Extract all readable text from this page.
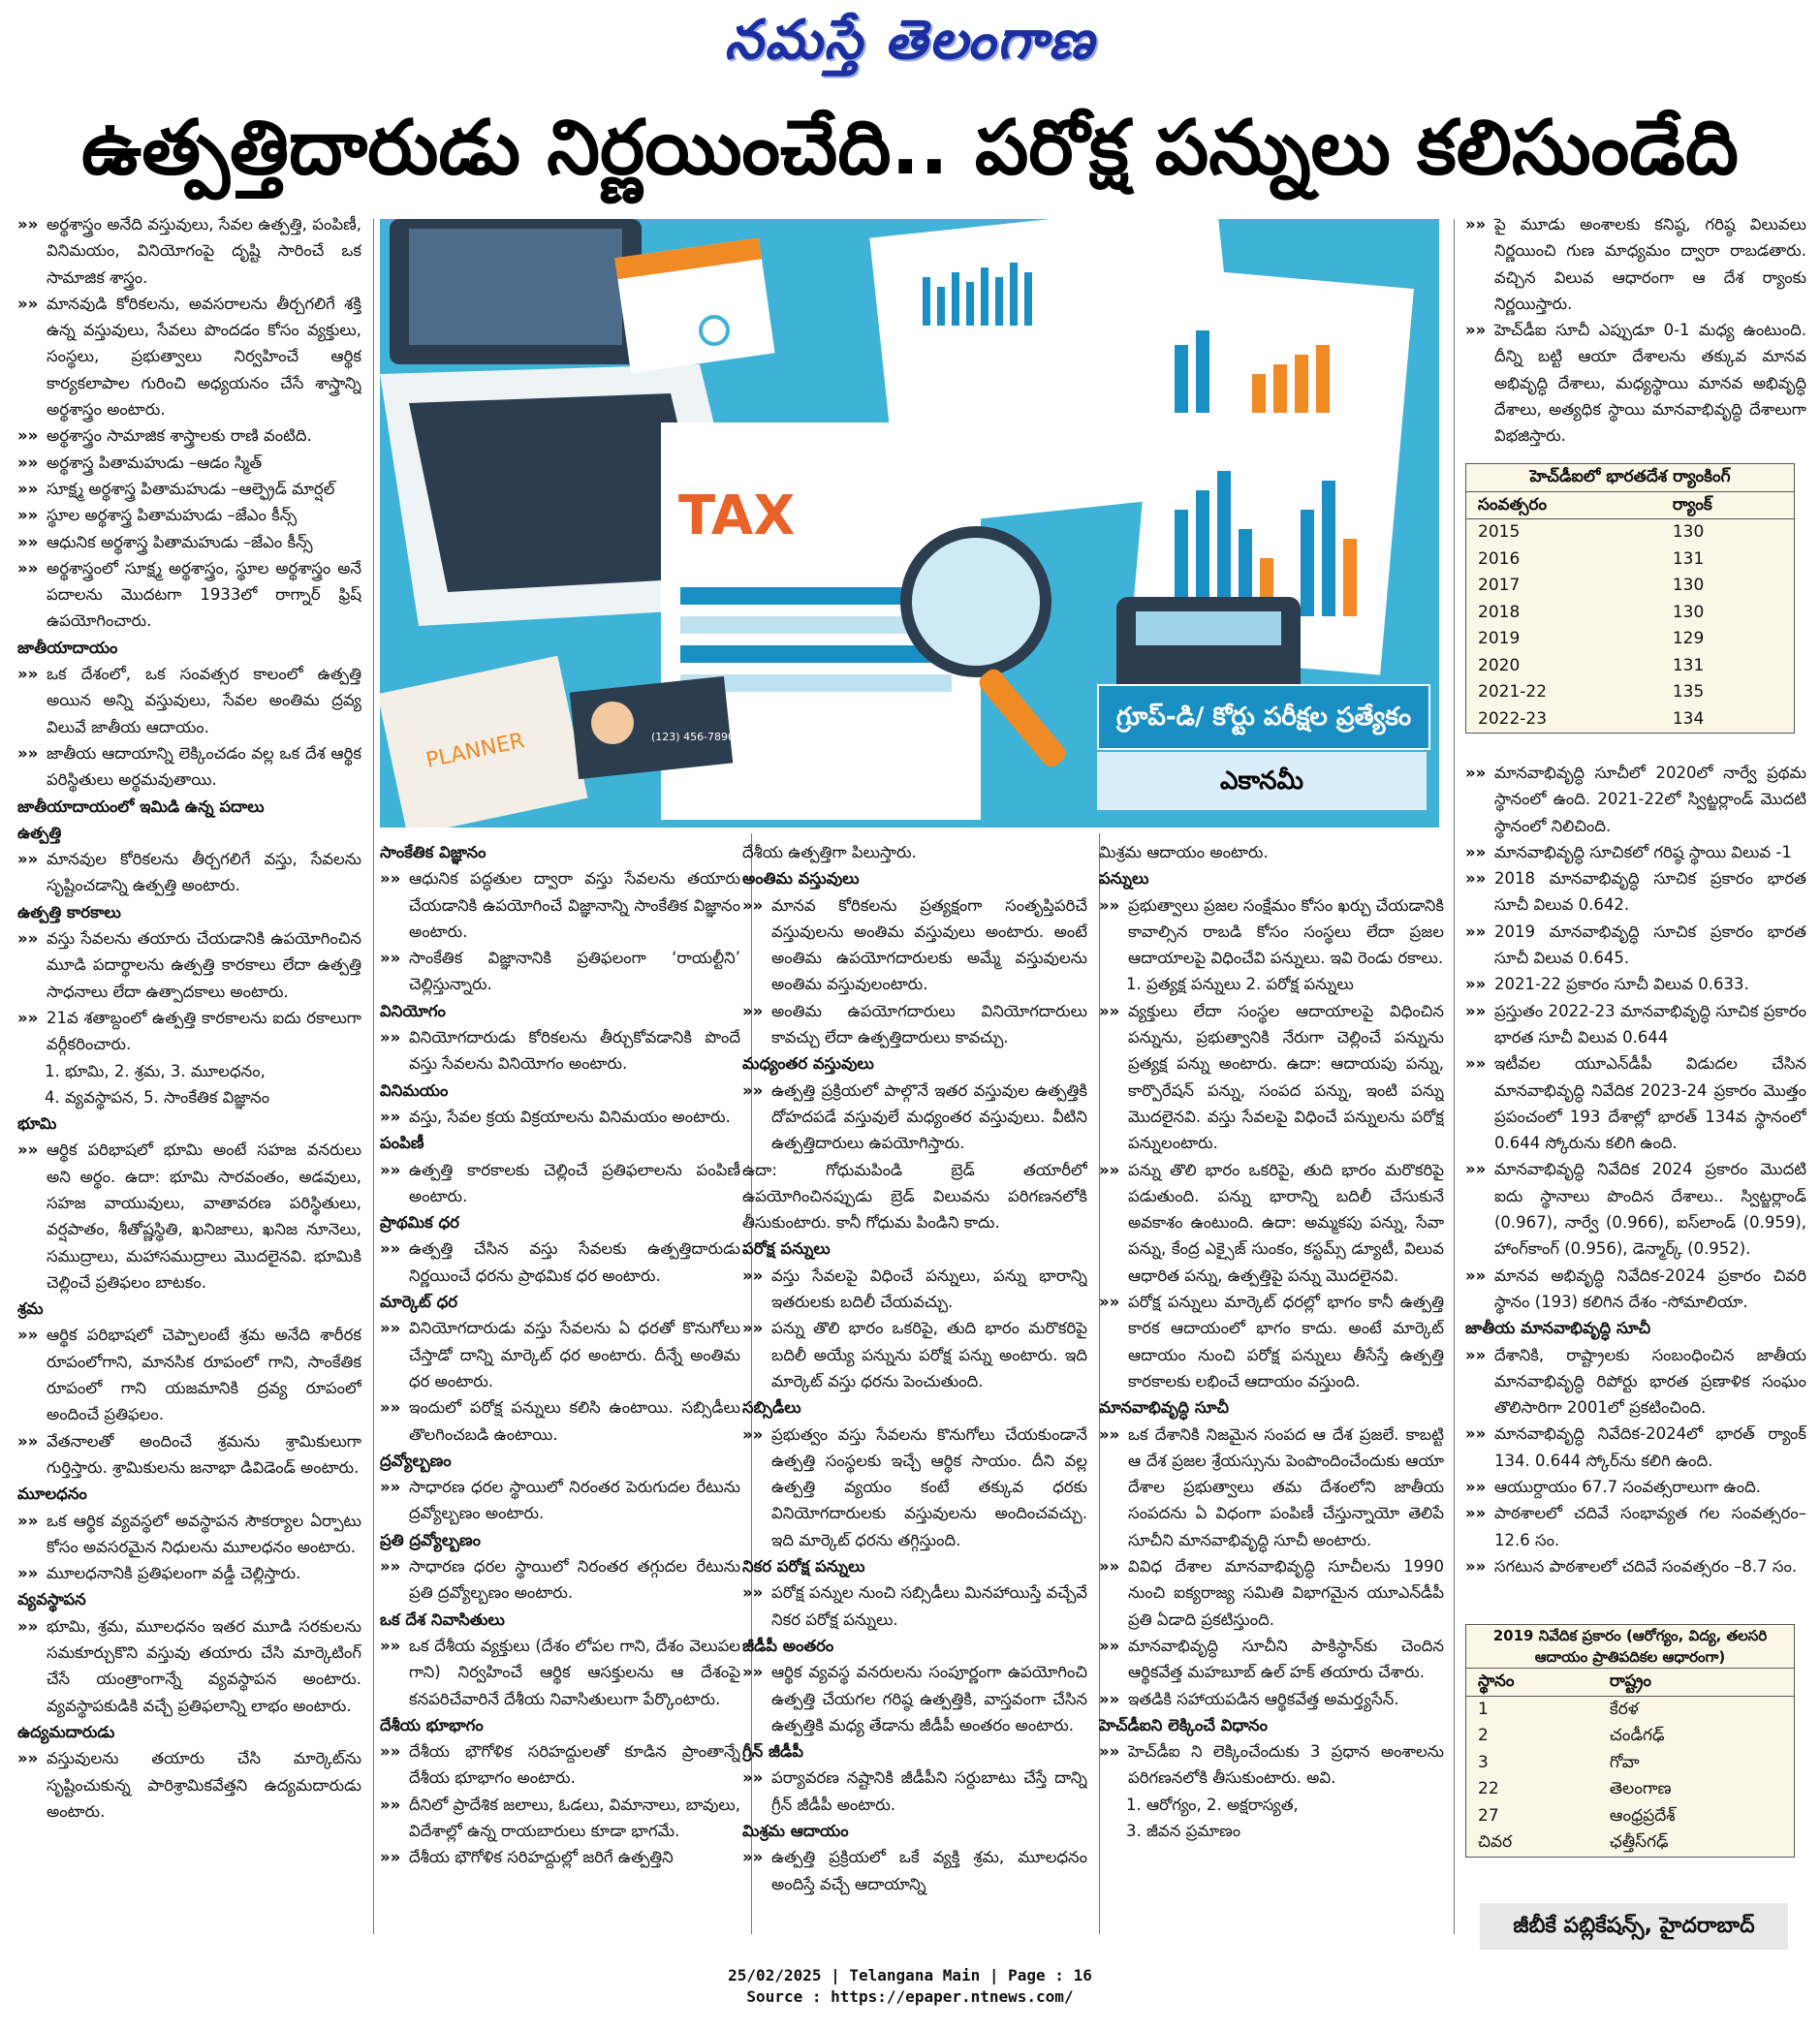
నమస్తే తెలంగాణ
ఉత్పత్తిదారుడు నిర్ణయించేది.. పరోక్ష పన్నులు కలిసుండేది
TAX
PLANNER	(123) 456-7890
గ్రూప్-డి/ కోర్టు పరీక్షల ప్రత్యేకం
ఎకానమీ

»» అర్థశాస్త్రం అనేది వస్తువులు, సేవల ఉత్పత్తి, పంపిణీ, వినిమయం, వినియోగంపై దృష్టి సారించే ఒక సామాజిక శాస్త్రం.

»» మానవుడి కోరికలను, అవసరాలను తీర్చగలిగే శక్తి ఉన్న వస్తువులు, సేవలు పొందడం కోసం వ్యక్తులు, సంస్థలు, ప్రభుత్వాలు నిర్వహించే ఆర్థిక కార్యకలాపాల గురించి అధ్యయనం చేసే శాస్త్రాన్ని అర్థశాస్త్రం అంటారు.

»» అర్థశాస్త్రం సామాజిక శాస్త్రాలకు రాణి వంటిది.

»» అర్థశాస్త్ర పితామహుడు –ఆడం స్మిత్

»» సూక్ష్మ అర్థశాస్త్ర పితామహుడు –ఆల్ఫ్రెడ్ మార్షల్

»» స్థూల అర్థశాస్త్ర పితామహుడు –జేఎం కీన్స్

»» ఆధునిక అర్థశాస్త్ర పితామహుడు –జేఎం కీన్స్

»» అర్థశాస్త్రంలో సూక్ష్మ అర్థశాస్త్రం, స్థూల అర్థశాస్త్రం అనే పదాలను మొదటగా 1933లో రాగ్నార్ ఫ్రిష్ ఉపయోగించారు.

జాతీయాదాయం

»» ఒక దేశంలో, ఒక సంవత్సర కాలంలో ఉత్పత్తి అయిన అన్ని వస్తువులు, సేవల అంతిమ ద్రవ్య విలువే జాతీయ ఆదాయం.

»» జాతీయ ఆదాయాన్ని లెక్కించడం వల్ల ఒక దేశ ఆర్థిక పరిస్థితులు అర్థమవుతాయి.

జాతీయాదాయంలో ఇమిడి ఉన్న పదాలు

ఉత్పత్తి

»» మానవుల కోరికలను తీర్చగలిగే వస్తు, సేవలను సృష్టించడాన్ని ఉత్పత్తి అంటారు.

ఉత్పత్తి కారకాలు

»» వస్తు సేవలను తయారు చేయడానికి ఉపయోగించిన మూడి పదార్థాలను ఉత్పత్తి కారకాలు లేదా ఉత్పత్తి సాధనాలు లేదా ఉత్పాదకాలు అంటారు.

»» 21వ శతాబ్దంలో ఉత్పత్తి కారకాలను ఐదు రకాలుగా వర్గీకరించారు.

1. భూమి, 2. శ్రమ, 3. మూలధనం,

4. వ్యవస్థాపన, 5. సాంకేతిక విజ్ఞానం

భూమి

»» ఆర్థిక పరిభాషలో భూమి అంటే సహజ వనరులు అని అర్థం. ఉదా: భూమి సారవంతం, అడవులు, సహజ వాయువులు, వాతావరణ పరిస్థితులు, వర్షపాతం, శీతోష్ణస్థితి, ఖనిజాలు, ఖనిజ నూనెలు, సముద్రాలు, మహాసముద్రాలు మొదలైనవి. భూమికి చెల్లించే ప్రతిఫలం బాటకం.

శ్రమ

»» ఆర్థిక పరిభాషలో చెప్పాలంటే శ్రమ అనేది శారీరక రూపంలోగాని, మానసిక రూపంలో గాని, సాంకేతిక రూపంలో గాని యజమానికి ద్రవ్య రూపంలో అందించే ప్రతిఫలం.

»» వేతనాలతో అందించే శ్రమను శ్రామికులుగా గుర్తిస్తారు. శ్రామికులను జనాభా డివిడెండ్ అంటారు.

మూలధనం

»» ఒక ఆర్థిక వ్యవస్థలో అవస్థాపన సౌకర్యాల ఏర్పాటు కోసం అవసరమైన నిధులను మూలధనం అంటారు.

»» మూలధనానికి ప్రతిఫలంగా వడ్డీ చెల్లిస్తారు.

వ్యవస్థాపన

»» భూమి, శ్రమ, మూలధనం ఇతర మూడి సరకులను సమకూర్చుకొని వస్తువు తయారు చేసి మార్కెటింగ్ చేసే యంత్రాంగాన్నే వ్యవస్థాపన అంటారు. వ్యవస్థాపకుడికి వచ్చే ప్రతిఫలాన్ని లాభం అంటారు.

ఉద్యమదారుడు

»» వస్తువులను తయారు చేసి మార్కెట్‌ను సృష్టించుకున్న పారిశ్రామికవేత్తని ఉద్యమదారుడు అంటారు.

సాంకేతిక విజ్ఞానం

»» ఆధునిక పద్ధతుల ద్వారా వస్తు సేవలను తయారు చేయడానికి ఉపయోగించే విజ్ఞానాన్ని సాంకేతిక విజ్ఞానం అంటారు.

»» సాంకేతిక విజ్ఞానానికి ప్రతిఫలంగా ‘రాయల్టీని’ చెల్లిస్తున్నారు.

వినియోగం

»» వినియోగదారుడు కోరికలను తీర్చుకోవడానికి పొందే వస్తు సేవలను వినియోగం అంటారు.

వినిమయం

»» వస్తు, సేవల క్రయ విక్రయాలను వినిమయం అంటారు.

పంపిణీ

»» ఉత్పత్తి కారకాలకు చెల్లించే ప్రతిఫలాలను పంపిణీ అంటారు.

ప్రాథమిక ధర

»» ఉత్పత్తి చేసిన వస్తు సేవలకు ఉత్పత్తిదారుడు నిర్ణయించే ధరను ప్రాథమిక ధర అంటారు.

మార్కెట్ ధర

»» వినియోగదారుడు వస్తు సేవలను ఏ ధరతో కొనుగోలు చేస్తాడో దాన్ని మార్కెట్ ధర అంటారు. దీన్నే అంతిమ ధర అంటారు.

»» ఇందులో పరోక్ష పన్నులు కలిసి ఉంటాయి. సబ్సిడీలు తొలగించబడి ఉంటాయి.

ద్రవ్యోల్బణం

»» సాధారణ ధరల స్థాయిలో నిరంతర పెరుగుదల రేటును ద్రవ్యోల్బణం అంటారు.

ప్రతి ద్రవ్యోల్బణం

»» సాధారణ ధరల స్థాయిలో నిరంతర తగ్గుదల రేటును ప్రతి ద్రవ్యోల్బణం అంటారు.

ఒక దేశ నివాసితులు

»» ఒక దేశీయ వ్యక్తులు (దేశం లోపల గాని, దేశం వెలుపల గాని) నిర్వహించే ఆర్థిక ఆసక్తులను ఆ దేశంపై కనపరిచేవారినే దేశీయ నివాసితులుగా పేర్కొంటారు.

దేశీయ భూభాగం

»» దేశీయ భౌగోళిక సరిహద్దులతో కూడిన ప్రాంతాన్నే దేశీయ భూభాగం అంటారు.

»» దీనిలో ప్రాదేశిక జలాలు, ఓడలు, విమానాలు, బావులు, విదేశాల్లో ఉన్న రాయబారులు కూడా భాగమే.

»» దేశీయ భౌగోళిక సరిహద్దుల్లో జరిగే ఉత్పత్తిని

దేశీయ ఉత్పత్తిగా పిలుస్తారు.

అంతిమ వస్తువులు

»» మానవ కోరికలను ప్రత్యక్షంగా సంతృప్తిపరిచే వస్తువులను అంతిమ వస్తువులు అంటారు. అంటే అంతిమ ఉపయోగదారులకు అమ్మే వస్తువులను అంతిమ వస్తువులంటారు.

»» అంతిమ ఉపయోగదారులు వినియోగదారులు కావచ్చు లేదా ఉత్పత్తిదారులు కావచ్చు.

మధ్యంతర వస్తువులు

»» ఉత్పత్తి ప్రక్రియలో పాల్గొనే ఇతర వస్తువుల ఉత్పత్తికి దోహదపడే వస్తువులే మధ్యంతర వస్తువులు. వీటిని ఉత్పత్తిదారులు ఉపయోగిస్తారు.

ఉదా: గోధుమపిండి బ్రెడ్ తయారీలో ఉపయోగించినప్పుడు బ్రెడ్ విలువను పరిగణనలోకి తీసుకుంటారు. కానీ గోధుమ పిండిని కాదు.

పరోక్ష పన్నులు

»» వస్తు సేవలపై విధించే పన్నులు, పన్ను భారాన్ని ఇతరులకు బదిలీ చేయవచ్చు.

»» పన్ను తొలి భారం ఒకరిపై, తుది భారం మరొకరిపై బదిలీ అయ్యే పన్నును పరోక్ష పన్ను అంటారు. ఇది మార్కెట్ వస్తు ధరను పెంచుతుంది.

సబ్సిడీలు

»» ప్రభుత్వం వస్తు సేవలను కొనుగోలు చేయకుండానే ఉత్పత్తి సంస్థలకు ఇచ్చే ఆర్థిక సాయం. దీని వల్ల ఉత్పత్తి వ్యయం కంటే తక్కువ ధరకు వినియోగదారులకు వస్తువులను అందించవచ్చు. ఇది మార్కెట్ ధరను తగ్గిస్తుంది.

నికర పరోక్ష పన్నులు

»» పరోక్ష పన్నుల నుంచి సబ్సిడీలు మినహాయిస్తే వచ్చేవే నికర పరోక్ష పన్నులు.

జీడీపీ అంతరం

»» ఆర్థిక వ్యవస్థ వనరులను సంపూర్ణంగా ఉపయోగించి ఉత్పత్తి చేయగల గరిష్ఠ ఉత్పత్తికి, వాస్తవంగా చేసిన ఉత్పత్తికి మధ్య తేడాను జీడీపీ అంతరం అంటారు.

గ్రీన్ జీడీపీ

»» పర్యావరణ నష్టానికి జీడీపీని సర్దుబాటు చేస్తే దాన్ని గ్రీన్ జీడీపీ అంటారు.

మిశ్రమ ఆదాయం

»» ఉత్పత్తి ప్రక్రియలో ఒకే వ్యక్తి శ్రమ, మూలధనం అందిస్తే వచ్చే ఆదాయాన్ని

మిశ్రమ ఆదాయం అంటారు.

పన్నులు

»» ప్రభుత్వాలు ప్రజల సంక్షేమం కోసం ఖర్చు చేయడానికి కావాల్సిన రాబడి కోసం సంస్థలు లేదా ప్రజల ఆదాయాలపై విధించేవి పన్నులు. ఇవి రెండు రకాలు.

1. ప్రత్యక్ష పన్నులు 2. పరోక్ష పన్నులు

»» వ్యక్తులు లేదా సంస్థల ఆదాయాలపై విధించిన పన్నును, ప్రభుత్వానికి నేరుగా చెల్లించే పన్నును ప్రత్యక్ష పన్ను అంటారు. ఉదా: ఆదాయపు పన్ను, కార్పొరేషన్ పన్ను, సంపద పన్ను, ఇంటి పన్ను మొదలైనవి. వస్తు సేవలపై విధించే పన్నులను పరోక్ష పన్నులంటారు.

»» పన్ను తొలి భారం ఒకరిపై, తుది భారం మరొకరిపై పడుతుంది. పన్ను భారాన్ని బదిలీ చేసుకునే అవకాశం ఉంటుంది. ఉదా: అమ్మకపు పన్ను, సేవా పన్ను, కేంద్ర ఎక్సైజ్ సుంకం, కస్టమ్స్ డ్యూటీ, విలువ ఆధారిత పన్ను, ఉత్పత్తిపై పన్ను మొదలైనవి.

»» పరోక్ష పన్నులు మార్కెట్ ధరల్లో భాగం కానీ ఉత్పత్తి కారక ఆదాయంలో భాగం కాదు. అంటే మార్కెట్ ఆదాయం నుంచి పరోక్ష పన్నులు తీసేస్తే ఉత్పత్తి కారకాలకు లభించే ఆదాయం వస్తుంది.

మానవాభివృద్ధి సూచీ

»» ఒక దేశానికి నిజమైన సంపద ఆ దేశ ప్రజలే. కాబట్టి ఆ దేశ ప్రజల శ్రేయస్సును పెంపొందించేందుకు ఆయా దేశాల ప్రభుత్వాలు తమ దేశంలోని జాతీయ సంపదను ఏ విధంగా పంపిణీ చేస్తున్నాయో తెలిపే సూచీని మానవాభివృద్ధి సూచీ అంటారు.

»» వివిధ దేశాల మానవాభివృద్ధి సూచీలను 1990 నుంచి ఐక్యరాజ్య సమితి విభాగమైన యూఎన్‌డీపీ ప్రతి ఏడాది ప్రకటిస్తుంది.

»» మానవాభివృద్ధి సూచీని పాకిస్థాన్‌కు చెందిన ఆర్థికవేత్త మహబూబ్ ఉల్ హక్ తయారు చేశారు.

»» ఇతడికి సహాయపడిన ఆర్థికవేత్త అమర్త్యసేన్.

హెచ్‌డీఐని లెక్కించే విధానం

»» హెచ్‌డీఐ ని లెక్కించేందుకు 3 ప్రధాన అంశాలను పరిగణనలోకి తీసుకుంటారు. అవి.

1. ఆరోగ్యం, 2. అక్షరాస్యత,

3. జీవన ప్రమాణం

»» పై మూడు అంశాలకు కనిష్ఠ, గరిష్ఠ విలువలు నిర్ణయించి గుణ మాధ్యమం ద్వారా రాబడతారు. వచ్చిన విలువ ఆధారంగా ఆ దేశ ర్యాంకు నిర్ణయిస్తారు.

»» హెచ్‌డీఐ సూచీ ఎప్పుడూ 0-1 మధ్య ఉంటుంది. దీన్ని బట్టి ఆయా దేశాలను తక్కువ మానవ అభివృద్ధి దేశాలు, మధ్యస్థాయి మానవ అభివృద్ధి దేశాలు, అత్యధిక స్థాయి మానవాభివృద్ధి దేశాలుగా విభజిస్తారు.

హెచ్‌డీఐలో భారతదేశ ర్యాంకింగ్	
సంవత్సరం	ర్యాంక్
2015	130
2016	131
2017	130
2018	130
2019	129
2020	131
2021-22	135
2022-23	134

»» మానవాభివృద్ధి సూచీలో 2020లో నార్వే ప్రథమ స్థానంలో ఉంది. 2021-22లో స్విట్జర్లాండ్ మొదటి స్థానంలో నిలిచింది.

»» మానవాభివృద్ధి సూచికలో గరిష్ఠ స్థాయి విలువ -1

»» 2018 మానవాభివృద్ధి సూచిక ప్రకారం భారత సూచీ విలువ 0.642.

»» 2019 మానవాభివృద్ధి సూచిక ప్రకారం భారత సూచీ విలువ 0.645.

»» 2021-22 ప్రకారం సూచీ విలువ 0.633.

»» ప్రస్తుతం 2022-23 మానవాభివృద్ధి సూచిక ప్రకారం భారత సూచీ విలువ 0.644

»» ఇటీవల యూఎన్‌డీపీ విడుదల చేసిన మానవాభివృద్ధి నివేదిక 2023-24 ప్రకారం మొత్తం ప్రపంచంలో 193 దేశాల్లో భారత్ 134వ స్థానంలో 0.644 స్కోరును కలిగి ఉంది.

»» మానవాభివృద్ధి నివేదిక 2024 ప్రకారం మొదటి ఐదు స్థానాలు పొందిన దేశాలు.. స్విట్జర్లాండ్ (0.967), నార్వే (0.966), ఐస్‌లాండ్ (0.959), హాంగ్‌కాంగ్ (0.956), డెన్మార్క్ (0.952).

»» మానవ అభివృద్ధి నివేదిక-2024 ప్రకారం చివరి స్థానం (193) కలిగిన దేశం -సోమాలియా.

జాతీయ మానవాభివృద్ధి సూచీ

»» దేశానికి, రాష్ట్రాలకు సంబంధించిన జాతీయ మానవాభివృద్ధి రిపోర్టు భారత ప్రణాళిక సంఘం తొలిసారిగా 2001లో ప్రకటించింది.

»» మానవాభివృద్ధి నివేదిక-2024లో భారత్ ర్యాంక్ 134. 0.644 స్కోర్‌ను కలిగి ఉంది.

»» ఆయుర్దాయం 67.7 సంవత్సరాలుగా ఉంది.

»» పాఠశాలలో చదివే సంభావ్యత గల సంవత్సరం– 12.6 సం.

»» సగటున పాఠశాలలో చదివే సంవత్సరం –8.7 సం.

2019 నివేదిక ప్రకారం (ఆరోగ్యం, విద్య, తలసరి ఆదాయం ప్రాతిపదికల ఆధారంగా)	
స్థానం	రాష్ట్రం
1	కేరళ
2	చండీగఢ్
3	గోవా
22	తెలంగాణ
27	ఆంధ్రప్రదేశ్
చివర	ఛత్తీస్‌గఢ్
జీబీకే పబ్లికేషన్స్, హైదరాబాద్
25/02/2025 | Telangana Main | Page : 16
Source : https://epaper.ntnews.com/
